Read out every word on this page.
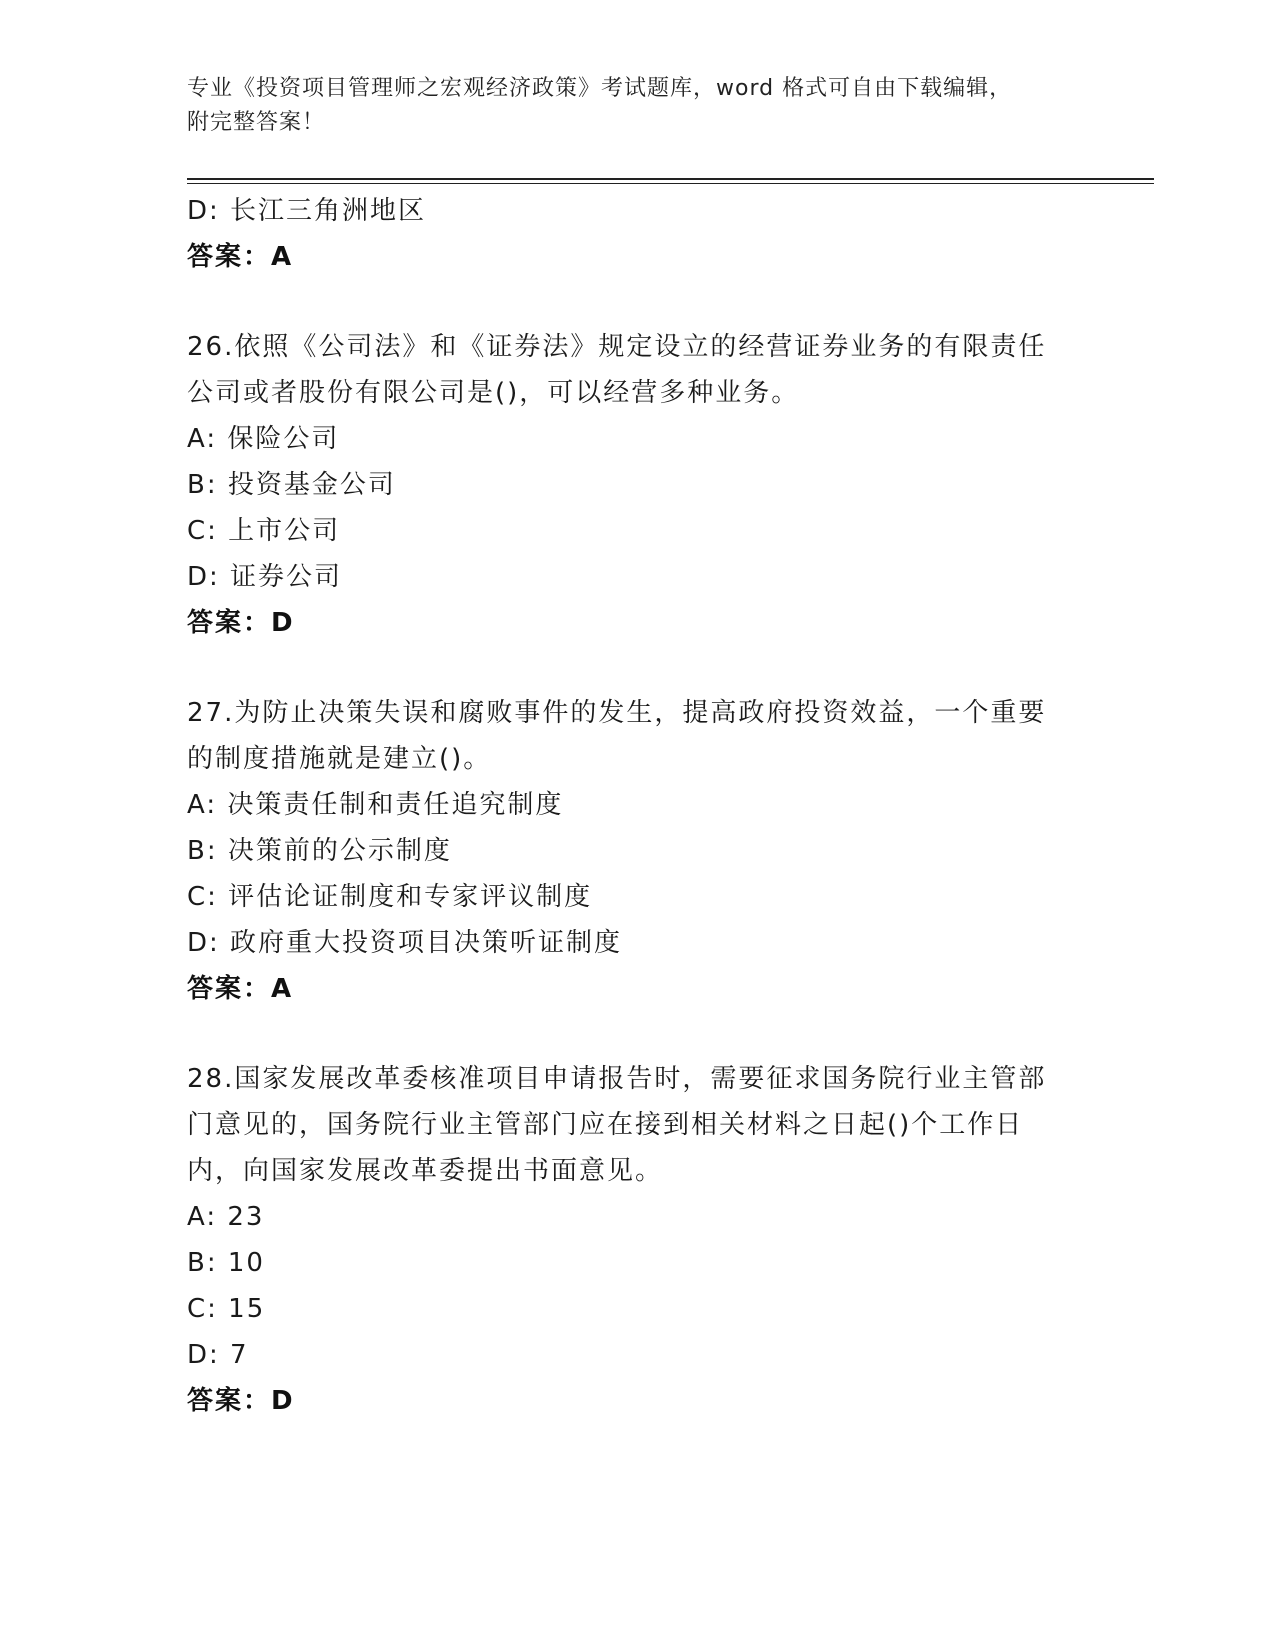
专业《投资项目管理师之宏观经济政策》考试题库，word 格式可自由下载编辑，
附完整答案！
D: 长江三角洲地区
答案：A
26.依照《公司法》和《证券法》规定设立的经营证券业务的有限责任
公司或者股份有限公司是()，可以经营多种业务。
A: 保险公司
B: 投资基金公司
C: 上市公司
D: 证券公司
答案：D
27.为防止决策失误和腐败事件的发生，提高政府投资效益，一个重要
的制度措施就是建立()。
A: 决策责任制和责任追究制度
B: 决策前的公示制度
C: 评估论证制度和专家评议制度
D: 政府重大投资项目决策听证制度
答案：A
28.国家发展改革委核准项目申请报告时，需要征求国务院行业主管部
门意见的，国务院行业主管部门应在接到相关材料之日起()个工作日
内，向国家发展改革委提出书面意见。
A: 23
B: 10
C: 15
D: 7
答案：D
